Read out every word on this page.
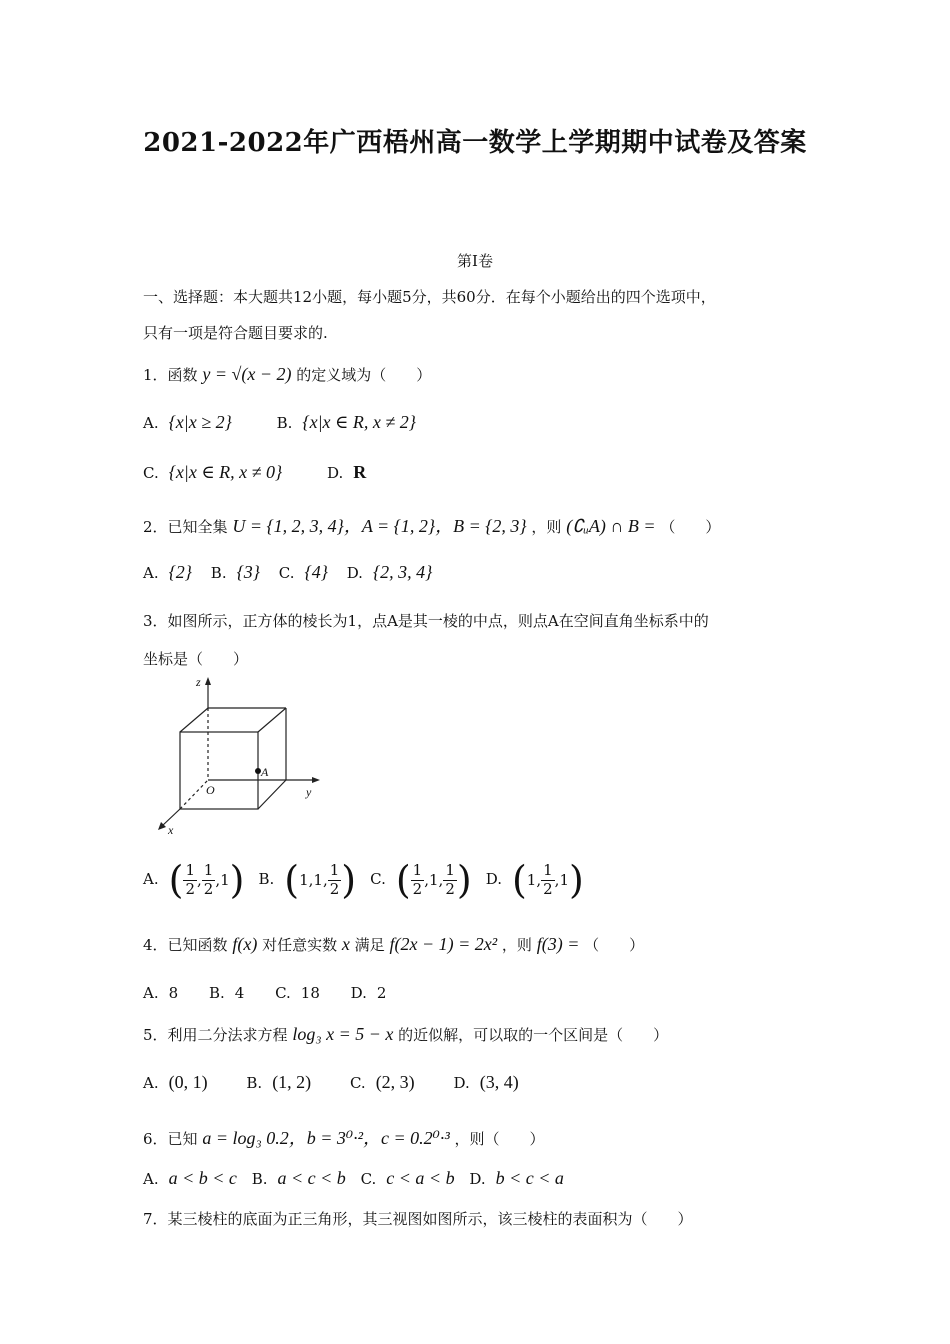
2021-2022年广西梧州高一数学上学期期中试卷及答案
第Ⅰ卷
一、选择题：本大题共12小题，每小题5分，共60分．在每个小题给出的四个选项中，
只有一项是符合题目要求的.
1．函数 y = √(x − 2) 的定义域为（　　）
A. {x|x ≥ 2}	B. {x|x ∈ R, x ≠ 2}
C. {x|x ∈ R, x ≠ 0}	D. R
2．已知全集 U = {1, 2, 3, 4}，A = {1, 2}，B = {2, 3} ，则 (∁ᵤA) ∩ B = （　　）
A. {2} B. {3} C. {4} D. {2, 3, 4}
3．如图所示，正方体的棱长为1，点A是其一棱的中点，则点A在空间直角坐标系中的
坐标是（　　）
z
y
x
O
A
A. ( $\frac{1}{2}$ , $\frac{1}{2} ,1$) B. (1,1, $\frac{1}{2}$ ) C. ( $\frac{1}{2} ,1$, $\frac{1}{2}$ ) D. (1, $\frac{1}{2} ,1$)
4．已知函数 f(x) 对任意实数 x 满足 f(2x − 1) = 2x² ，则 f(3) = （　　）
A. 8 B. 4 C. 18 D. 2
5．利用二分法求方程 log₃ x = 5 − x 的近似解，可以取的一个区间是（　　）
A. (0, 1)	B. (1, 2)	C. (2, 3)	D. (3, 4)
6．已知 a = log₃ 0.2，b = 3⁰·²，c = 0.2⁰·³ ，则（　　）
A. a < b < c B. a < c < b C. c < a < b D. b < c < a
7．某三棱柱的底面为正三角形，其三视图如图所示，该三棱柱的表面积为（　　）
